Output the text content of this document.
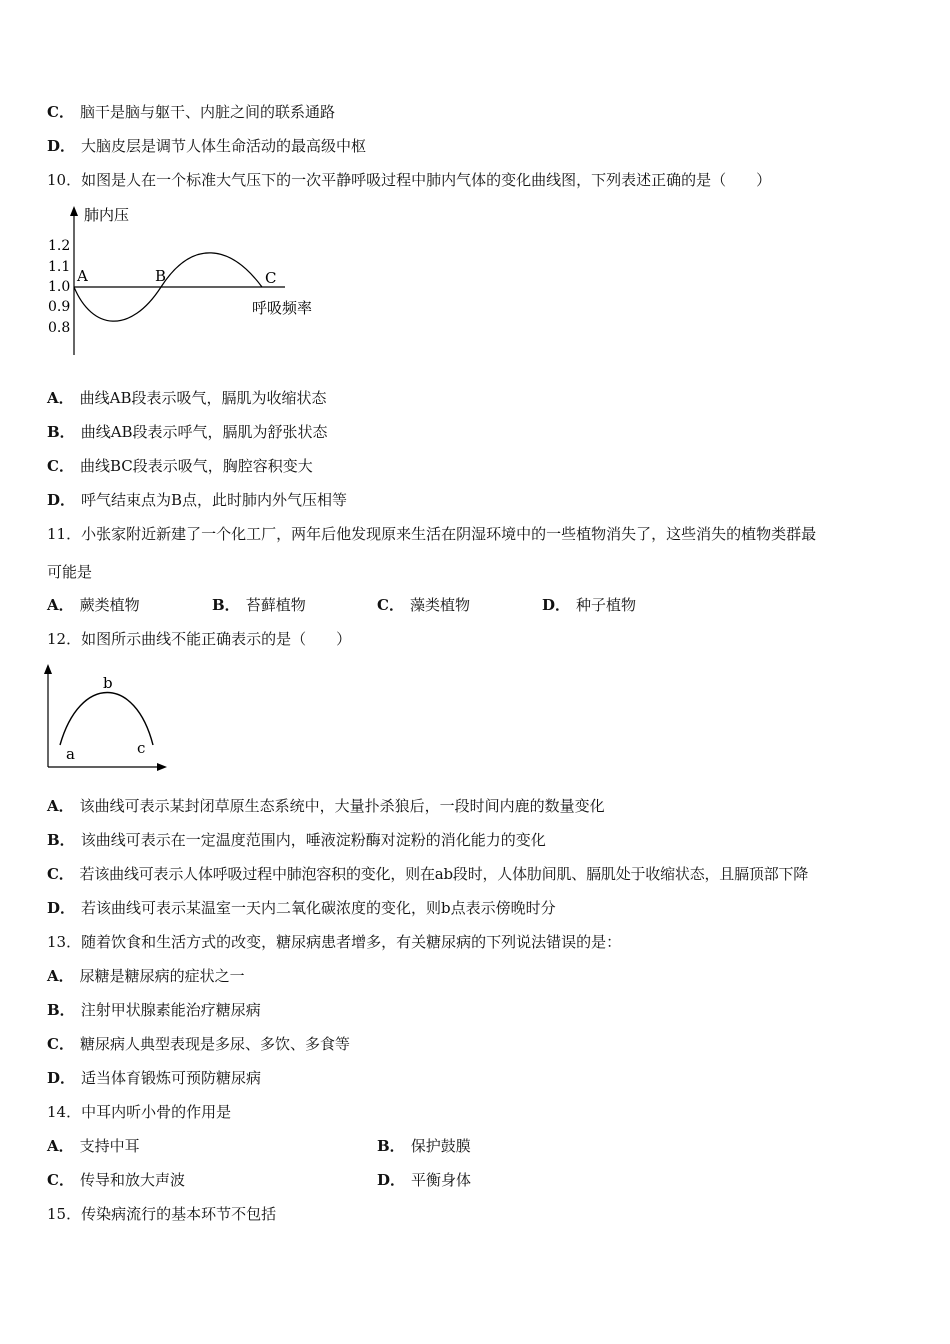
C． 脑干是脑与躯干、内脏之间的联系通路
D． 大脑皮层是调节人体生命活动的最高级中枢
10．如图是人在一个标准大气压下的一次平静呼吸过程中肺内气体的变化曲线图，下列表述正确的是（　　）
肺内压
呼吸频率
1.2
1.1
1.0
0.9
0.8
A	B	C
A． 曲线AB段表示吸气，膈肌为收缩状态
B． 曲线AB段表示呼气，膈肌为舒张状态
C． 曲线BC段表示吸气，胸腔容积变大
D． 呼气结束点为B点，此时肺内外气压相等
11．小张家附近新建了一个化工厂，两年后他发现原来生活在阴湿环境中的一些植物消失了，这些消失的植物类群最
可能是
A． 蕨类植物	B． 苔藓植物	C． 藻类植物	D． 种子植物
12．如图所示曲线不能正确表示的是（　　）
a
b
c
A． 该曲线可表示某封闭草原生态系统中，大量扑杀狼后，一段时间内鹿的数量变化
B． 该曲线可表示在一定温度范围内，唾液淀粉酶对淀粉的消化能力的变化
C． 若该曲线可表示人体呼吸过程中肺泡容积的变化，则在ab段时，人体肋间肌、膈肌处于收缩状态，且膈顶部下降
D． 若该曲线可表示某温室一天内二氧化碳浓度的变化，则b点表示傍晚时分
13．随着饮食和生活方式的改变，糖尿病患者增多，有关糖尿病的下列说法错误的是：
A． 尿糖是糖尿病的症状之一
B． 注射甲状腺素能治疗糖尿病
C． 糖尿病人典型表现是多尿、多饮、多食等
D． 适当体育锻炼可预防糖尿病
14．中耳内听小骨的作用是
A． 支持中耳	B． 保护鼓膜
C． 传导和放大声波	D． 平衡身体
15．传染病流行的基本环节不包括
